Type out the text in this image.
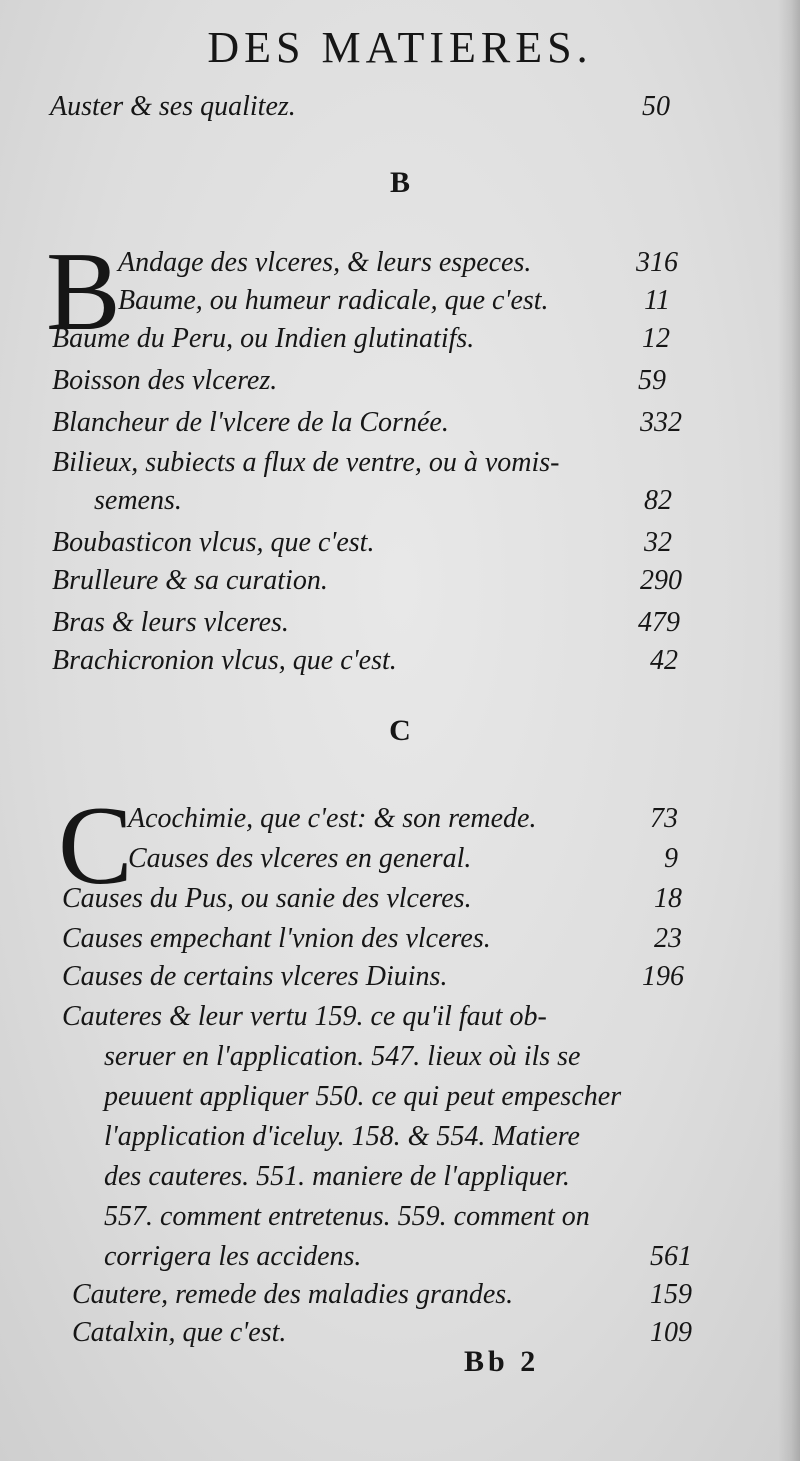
DES MATIERES.
Auster & ses qualitez.	50
B
B
Andage des vlceres, & leurs especes.	316
Baume, ou humeur radicale, que c'est.	11
Baume du Peru, ou Indien glutinatifs.	12
Boisson des vlcerez.	59
Blancheur de l'vlcere de la Cornée.	332
Bilieux, subiects a flux de ventre, ou à vomis-
semens.	82
Boubasticon vlcus, que c'est.	32
Brulleure & sa curation.	290
Bras & leurs vlceres.	479
Brachicronion vlcus, que c'est.	42
C
C
Acochimie, que c'est: & son remede.	73
Causes des vlceres en general.	9
Causes du Pus, ou sanie des vlceres.	18
Causes empechant l'vnion des vlceres.	23
Causes de certains vlceres Diuins.	196
Cauteres & leur vertu 159. ce qu'il faut ob-
seruer en l'application. 547. lieux où ils se
peuuent appliquer 550. ce qui peut empescher
l'application d'iceluy. 158. & 554. Matiere
des cauteres. 551. maniere de l'appliquer.
557. comment entretenus. 559. comment on
corrigera les accidens.	561
Cautere, remede des maladies grandes.	159
Catalxin, que c'est.	109
Bb 2
